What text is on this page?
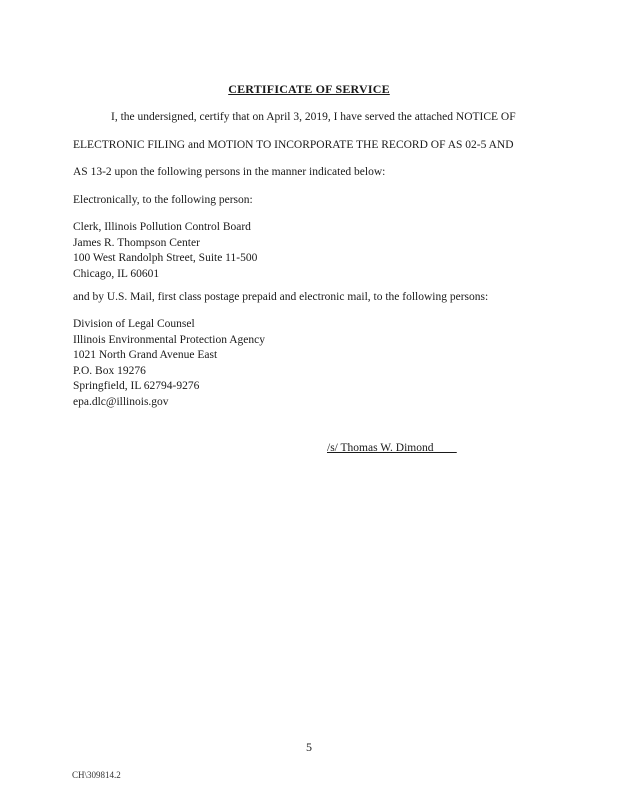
CERTIFICATE OF SERVICE
I, the undersigned, certify that on April 3, 2019, I have served the attached NOTICE OF
ELECTRONIC FILING and MOTION TO INCORPORATE THE RECORD OF AS 02-5 AND
AS 13-2 upon the following persons in the manner indicated below:
Electronically, to the following person:
Clerk, Illinois Pollution Control Board
James R. Thompson Center
100 West Randolph Street, Suite 11-500
Chicago, IL 60601
and by U.S. Mail, first class postage prepaid and electronic mail, to the following persons:
Division of Legal Counsel
Illinois Environmental Protection Agency
1021 North Grand Avenue East
P.O. Box 19276
Springfield, IL 62794-9276
epa.dlc@illinois.gov
/s/ Thomas W. Dimond
5
CH\309814.2
